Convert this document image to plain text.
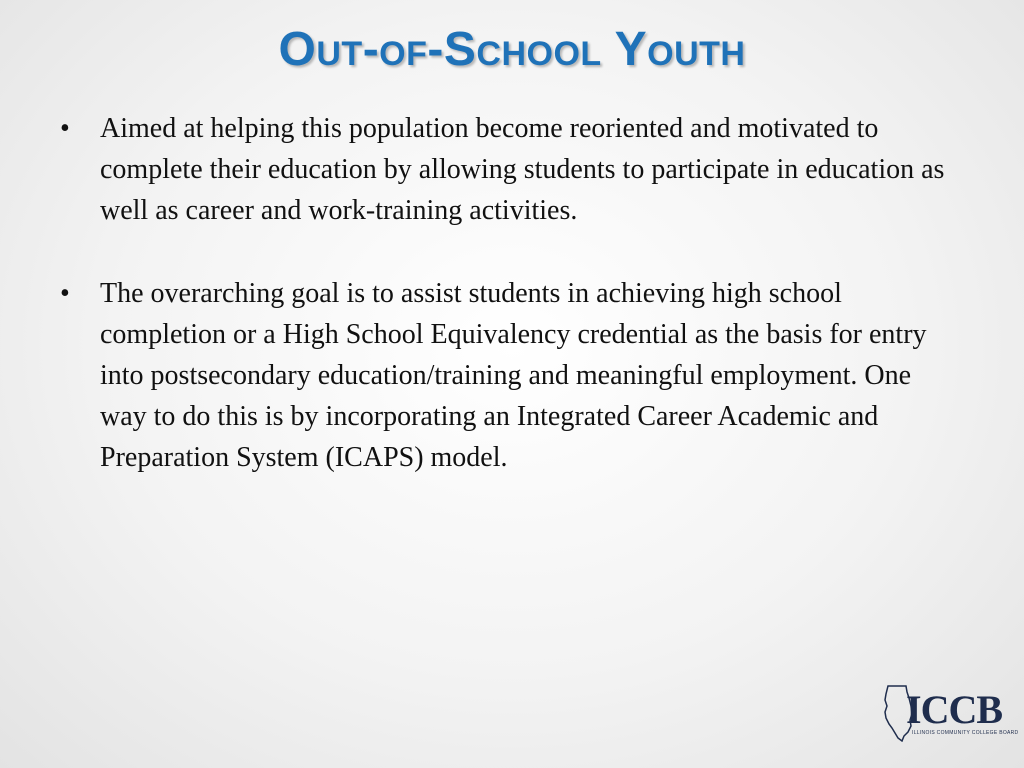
Out-of-School Youth
• Aimed at helping this population become reoriented and motivated to complete their education by allowing students to participate in education as well as career and work-training activities.
• The overarching goal is to assist students in achieving high school completion or a High School Equivalency credential as the basis for entry into postsecondary education/training and meaningful employment. One way to do this is by incorporating an Integrated Career Academic and Preparation System (ICAPS) model.
ICCB
ILLINOIS COMMUNITY COLLEGE BOARD
